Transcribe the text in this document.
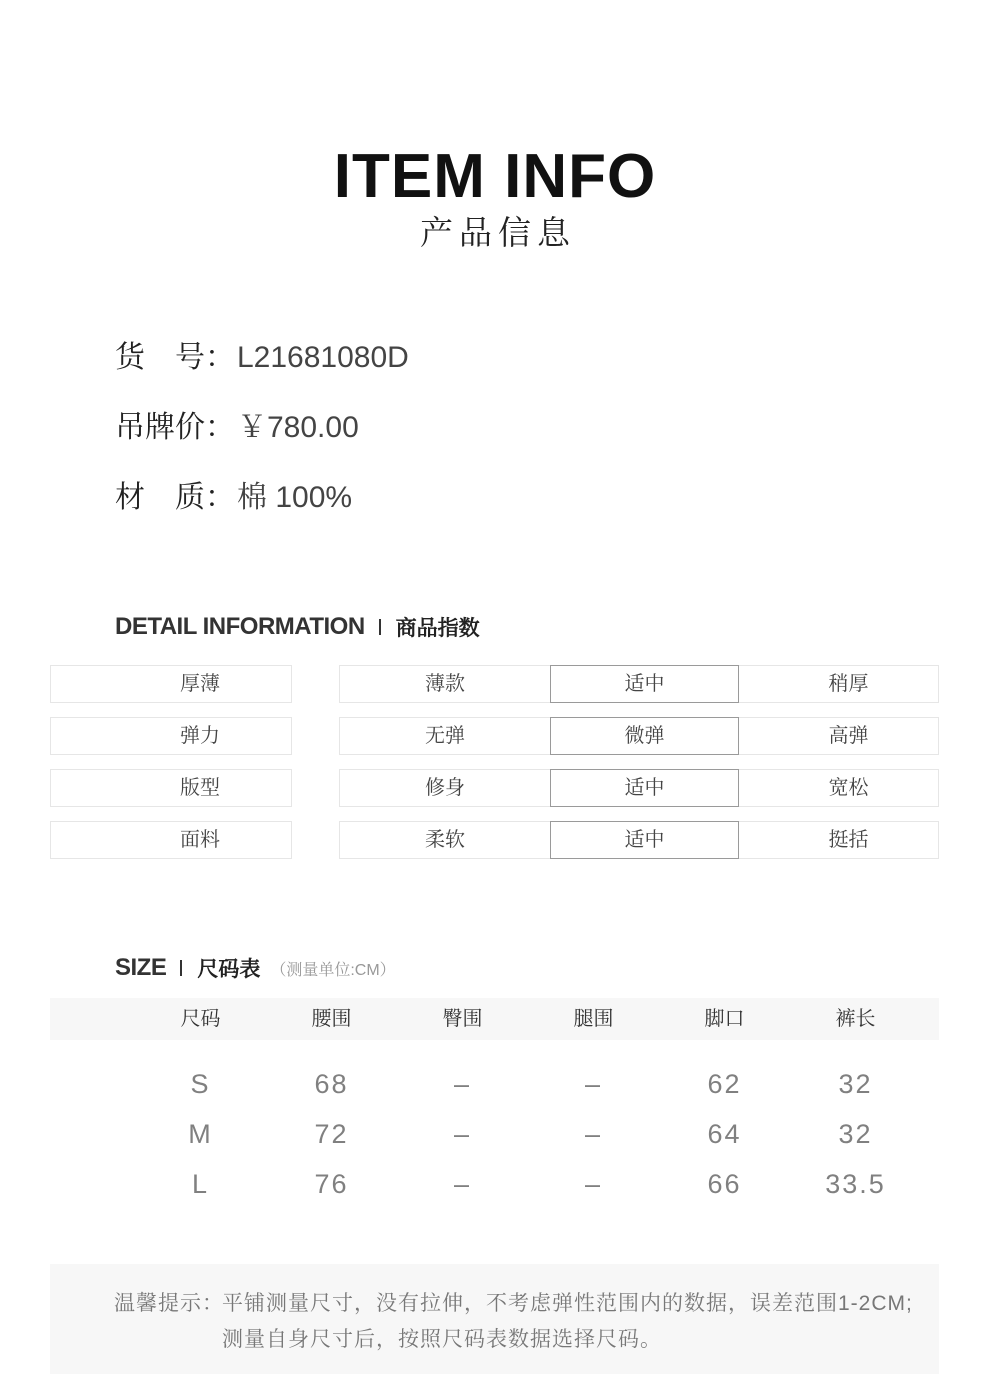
ITEM INFO
产品信息
货　号：L21681080D
吊牌价：￥780.00
材　质：棉 100%
DETAIL INFORMATION 商品指数
厚薄	薄款	适中	稍厚
弹力	无弹	微弹	高弹
版型	修身	适中	宽松
面料	柔软	适中	挺括
SIZE 尺码表 （测量单位:CM）
尺码	腰围	臀围	腿围	脚口	裤长
S	68	–	–	62	32
M	72	–	–	64	32
L	76	–	–	66	33.5
温馨提示：
平铺测量尺寸，没有拉伸，不考虑弹性范围内的数据，误差范围1-2CM;
测量自身尺寸后，按照尺码表数据选择尺码。
